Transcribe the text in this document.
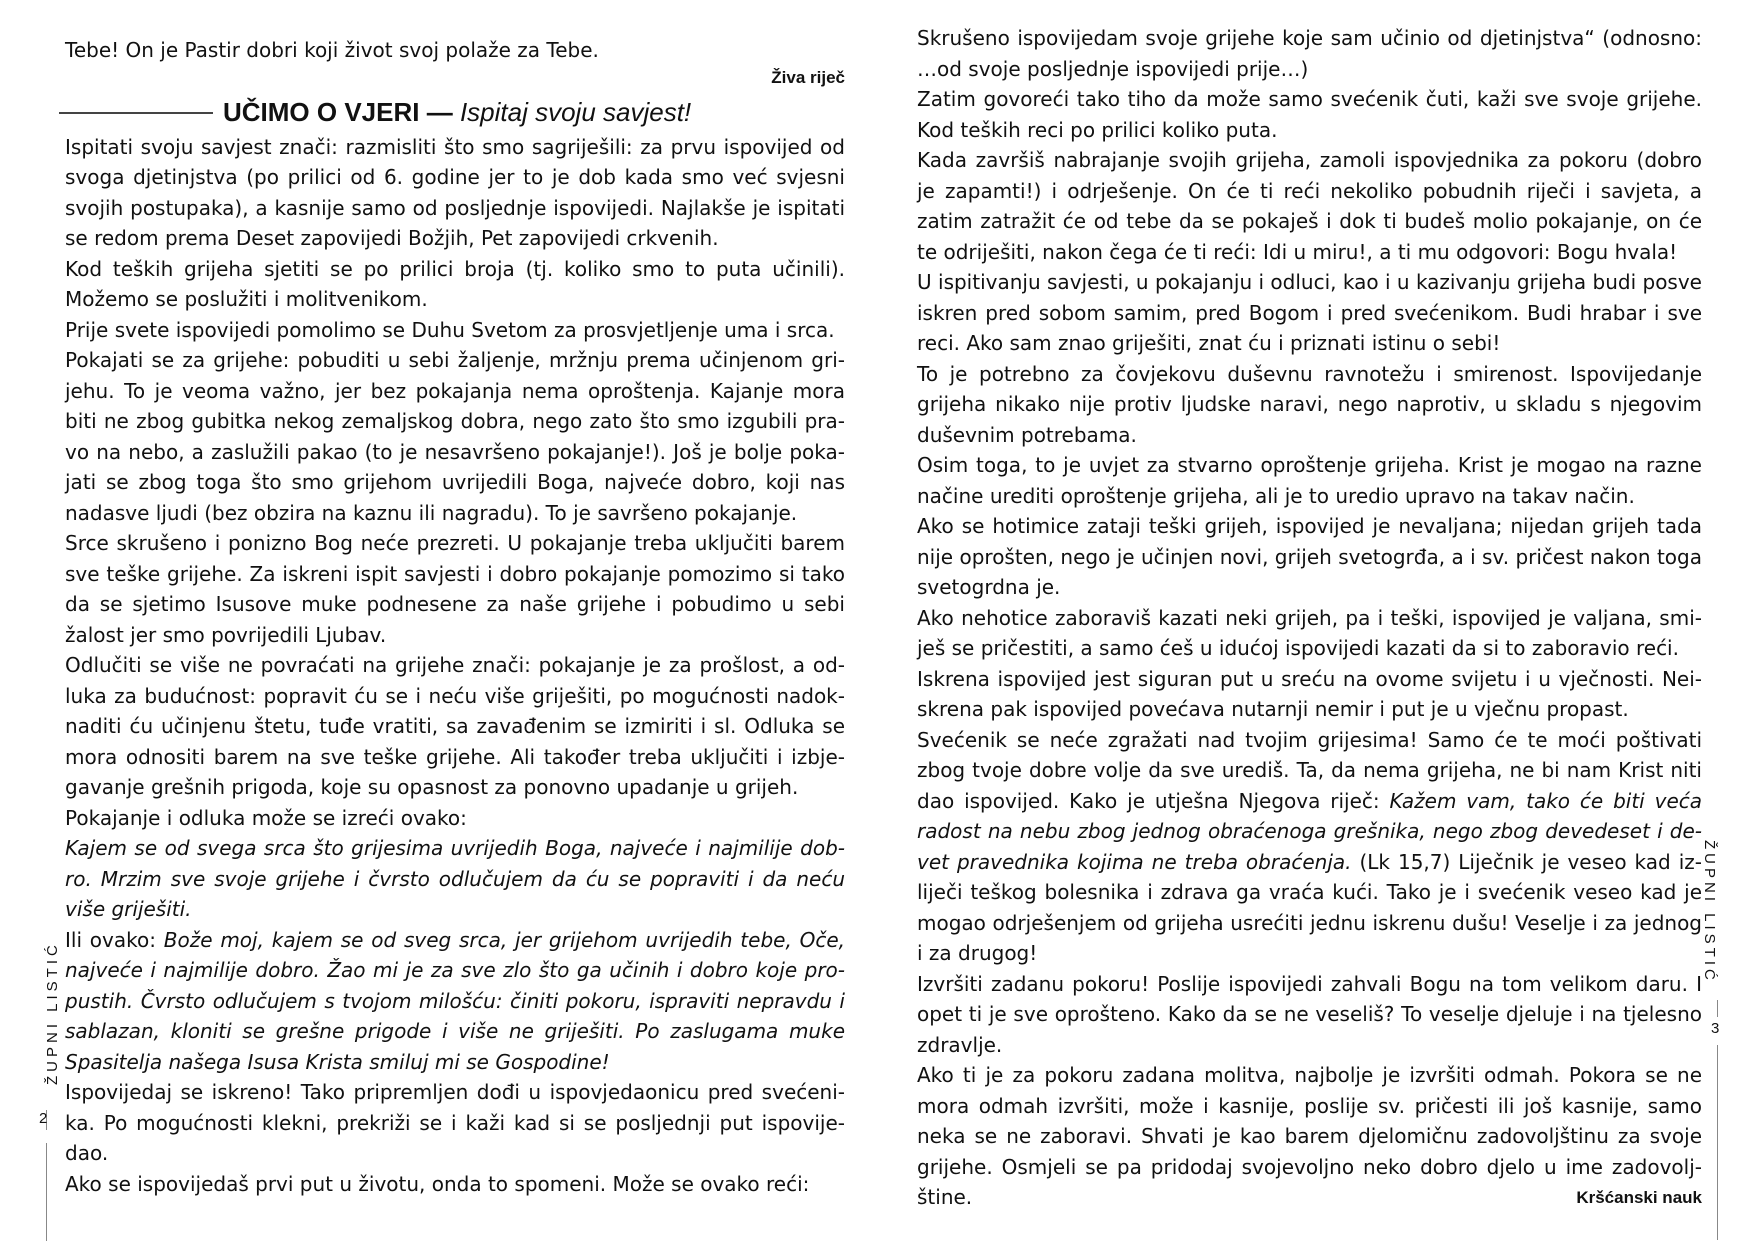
Tebe! On je Pastir dobri koji život svoj polaže za Tebe.

Živa riječ

UČIMO O VJERI — Ispitaj svoju savjest!

Ispitati svoju savjest znači: razmisliti što smo sagriješili: za prvu ispovijed od svoga djetinjstva (po prilici od 6. godine jer to je dob kada smo već svjesni svojih postupaka), a kasnije samo od posljednje ispovijedi. Najlakše je ispitati se redom prema Deset zapovijedi Božjih, Pet zapovijedi crkvenih.

Kod teških grijeha sjetiti se po prilici broja (tj. koliko smo to puta učinili). Možemo se poslužiti i molitvenikom.

Prije svete ispovijedi pomolimo se Duhu Svetom za prosvjetljenje uma i srca.

Pokajati se za grijehe: pobuditi u sebi žaljenje, mržnju prema učinjenom grijehu. To je veoma važno, jer bez pokajanja nema oproštenja. Kajanje mora biti ne zbog gubitka nekog zemaljskog dobra, nego zato što smo izgubili pravo na nebo, a zaslužili pakao (to je nesavršeno pokajanje!). Još je bolje pokajati se zbog toga što smo grijehom uvrijedili Boga, najveće dobro, koji nas nadasve ljudi (bez obzira na kaznu ili nagradu). To je savršeno pokajanje.

Srce skrušeno i ponizno Bog neće prezreti. U pokajanje treba uključiti barem sve teške grijehe. Za iskreni ispit savjesti i dobro pokajanje pomozimo si tako da se sjetimo Isusove muke podnesene za naše grijehe i pobudimo u sebi žalost jer smo povrijedili Ljubav.

Odlučiti se više ne povraćati na grijehe znači: pokajanje je za prošlost, a odluka za budućnost: popravit ću se i neću više griješiti, po mogućnosti nadoknaditi ću učinjenu štetu, tuđe vratiti, sa zavađenim se izmiriti i sl. Odluka se mora odnositi barem na sve teške grijehe. Ali također treba uključiti i izbjegavanje grešnih prigoda, koje su opasnost za ponovno upadanje u grijeh.

Pokajanje i odluka može se izreći ovako:

Kajem se od svega srca što grijesima uvrijedih Boga, najveće i najmilije dobro. Mrzim sve svoje grijehe i čvrsto odlučujem da ću se popraviti i da neću više griješiti.

Ili ovako: Bože moj, kajem se od sveg srca, jer grijehom uvrijedih tebe, Oče, najveće i najmilije dobro. Žao mi je za sve zlo što ga učinih i dobro koje propustih. Čvrsto odlučujem s tvojom milošću: činiti pokoru, ispraviti nepravdu i sablazan, kloniti se grešne prigode i više ne griješiti. Po zaslugama muke Spasitelja našega Isusa Krista smiluj mi se Gospodine!

Ispovijedaj se iskreno! Tako pripremljen dođi u ispovjedaonicu pred svećenika. Po mogućnosti klekni, prekriži se i kaži kad si se posljednji put ispovijedao.

Ako se ispovijedaš prvi put u životu, onda to spomeni. Može se ovako reći:

ŽUPNI LISTIĆ
2

Skrušeno ispovijedam svoje grijehe koje sam učinio od djetinjstva“ (odnosno: …od svoje posljednje ispovijedi prije…)

Zatim govoreći tako tiho da može samo svećenik čuti, kaži sve svoje grijehe. Kod teških reci po prilici koliko puta.

Kada završiš nabrajanje svojih grijeha, zamoli ispovjednika za pokoru (dobro je zapamti!) i odrješenje. On će ti reći nekoliko pobudnih riječi i savjeta, a zatim zatražit će od tebe da se pokaješ i dok ti budeš molio pokajanje, on će te odriješiti, nakon čega će ti reći: Idi u miru!, a ti mu odgovori: Bogu hvala!

U ispitivanju savjesti, u pokajanju i odluci, kao i u kazivanju grijeha budi posve iskren pred sobom samim, pred Bogom i pred svećenikom. Budi hrabar i sve reci. Ako sam znao griješiti, znat ću i priznati istinu o sebi!

To je potrebno za čovjekovu duševnu ravnotežu i smirenost. Ispovijedanje grijeha nikako nije protiv ljudske naravi, nego naprotiv, u skladu s njegovim duševnim potrebama.

Osim toga, to je uvjet za stvarno oproštenje grijeha. Krist je mogao na razne načine urediti oproštenje grijeha, ali je to uredio upravo na takav način.

Ako se hotimice zataji teški grijeh, ispovijed je nevaljana; nijedan grijeh tada nije oprošten, nego je učinjen novi, grijeh svetogrđa, a i sv. pričest nakon toga svetogrdna je.

Ako nehotice zaboraviš kazati neki grijeh, pa i teški, ispovijed je valjana, smiješ se pričestiti, a samo ćeš u idućoj ispovijedi kazati da si to zaboravio reći.

Iskrena ispovijed jest siguran put u sreću na ovome svijetu i u vječnosti. Neiskrena pak ispovijed povećava nutarnji nemir i put je u vječnu propast.

Svećenik se neće zgražati nad tvojim grijesima! Samo će te moći poštivati zbog tvoje dobre volje da sve urediš. Ta, da nema grijeha, ne bi nam Krist niti dao ispovijed. Kako je utješna Njegova riječ: Kažem vam, tako će biti veća radost na nebu zbog jednog obraćenoga grešnika, nego zbog devedeset i devet pravednika kojima ne treba obraćenja. (Lk 15,7) Liječnik je veseo kad izliječi teškog bolesnika i zdrava ga vraća kući. Tako je i svećenik veseo kad je mogao odrješenjem od grijeha usrećiti jednu iskrenu dušu! Veselje i za jednog i za drugog!

Izvršiti zadanu pokoru! Poslije ispovijedi zahvali Bogu na tom velikom daru. I opet ti je sve oprošteno. Kako da se ne veseliš? To veselje djeluje i na tjelesno zdravlje.

Ako ti je za pokoru zadana molitva, najbolje je izvršiti odmah. Pokora se ne mora odmah izvršiti, može i kasnije, poslije sv. pričesti ili još kasnije, samo neka se ne zaboravi. Shvati je kao barem djelomičnu zadovoljštinu za svoje grijehe. Osmjeli se pa pridodaj svojevoljno neko dobro djelo u ime zadovoljštine.	Kršćanski nauk

ŽUPNI LISTIĆ
3
